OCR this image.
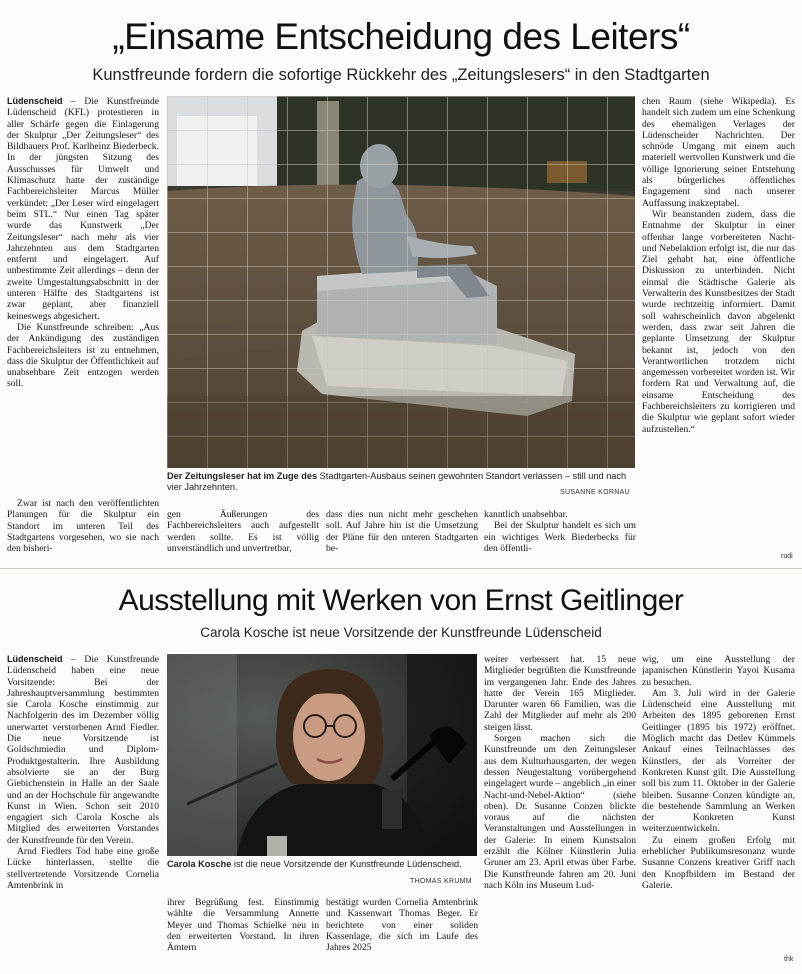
„Einsame Entscheidung des Leiters“
Kunstfreunde fordern die sofortige Rückkehr des „Zeitungslesers“ in den Stadtgarten

Lüdenscheid – Die Kunstfreunde Lüdenscheid (KFL) protestieren in aller Schärfe gegen die Einlagerung der Skulptur „Der Zeitungsleser“ des Bildhauers Prof. Karlheinz Biederbeck. In der jüngsten Sitzung des Ausschusses für Umwelt und Klimaschutz hatte der zuständige Fachbereichsleiter Marcus Müller verkündet: „Der Leser wird eingelagert beim STL.“ Nur einen Tag später wurde das Kunstwerk „Der Zeitungsleser“ nach mehr als vier Jahrzehnten aus dem Stadtgarten entfernt und eingelagert. Auf unbestimmte Zeit allerdings – denn der zweite Umgestaltungsabschnitt in der unteren Hälfte des Stadtgartens ist zwar geplant, aber finanziell keineswegs abgesichert.

Die Kunstfreunde schreiben: „Aus der Ankündigung des zuständigen Fachbereichsleiters ist zu entnehmen, dass die Skulptur der Öffentlichkeit auf unabsehbare Zeit entzogen werden soll.

Zwar ist nach den veröffentlichten Planungen für die Skulptur ein Standort im unteren Teil des Stadtgartens vorgesehen, wo sie nach den bisheri-

Der Zeitungsleser hat im Zuge des Stadtgarten-Ausbaus seinen gewohnten Standort verlassen – still und nach vier Jahrzehnten.
SUSANNE KORNAU

gen Äußerungen des Fachbereichsleiters auch aufgestellt werden sollte. Es ist völlig unverständlich und unvertretbar,

dass dies nun nicht mehr geschehen soll. Auf Jahre hin ist die Umsetzung der Pläne für den unteren Stadtgarten be-

kanntlich unabsehbar.

Bei der Skulptur handelt es sich um ein wichtiges Werk Biederbecks für den öffentli-

chen Raum (siehe Wikipedia). Es handelt sich zudem um eine Schenkung des ehemaligen Verlages der Lüdenscheider Nachrichten. Der schnöde Umgang mit einem auch materiell wertvollen Kunstwerk und die völlige Ignorierung seiner Entstehung als bürgerliches öffentliches Engagement sind nach unserer Auffassung inakzeptabel.

Wir beanstanden zudem, dass die Entnahme der Skulptur in einer offenbar lange vorbereiteten Nacht- und Nebelaktion erfolgt ist, die nur das Ziel gehabt hat, eine öffentliche Diskussion zu unterbinden. Nicht einmal die Städtische Galerie als Verwalterin des Kunstbesitzes der Stadt wurde rechtzeitig informiert. Damit soll wahrscheinlich davon abgelenkt werden, dass zwar seit Jahren die geplante Umsetzung der Skulptur bekannt ist, jedoch von den Verantwortlichen trotzdem nicht angemessen vorbereitet worden ist. Wir fordern Rat und Verwaltung auf, die einsame Entscheidung des Fachbereichsleiters zu korrigieren und die Skulptur wie geplant sofort wieder aufzustellen.“

rudi
Ausstellung mit Werken von Ernst Geitlinger
Carola Kosche ist neue Vorsitzende der Kunstfreunde Lüdenscheid

Lüdenscheid – Die Kunstfreunde Lüdenscheid haben eine neue Vorsitzende: Bei der Jahreshauptversammlung bestimmten sie Carola Kosche einstimmig zur Nachfolgerin des im Dezember völlig unerwartet verstorbenen Arnd Fiedler. Die neue Vorsitzende ist Goldschmiedin und Diplom-Produktgestalterin. Ihre Ausbildung absolvierte sie an der Burg Giebichenstein in Halle an der Saale und an der Hochschule für angewandte Kunst in Wien. Schon seit 2010 engagiert sich Carola Kosche als Mitglied des erweiterten Vorstandes der Kunstfreunde für den Verein.

Arnd Fiedlers Tod habe eine große Lücke hinterlassen, stellte die stellvertretende Vorsitzende Cornelia Amtenbrink in

Carola Kosche ist die neue Vorsitzende der Kunstfreunde Lüdenscheid.
THOMAS KRUMM

ihrer Begrüßung fest. Einstimmig wählte die Versammlung Annette Meyer und Thomas Schielke neu in den erweiterten Vorstand. In ihren Ämtern

bestätigt wurden Cornelia Amtenbrink und Kassenwart Thomas Beger. Er berichtete von einer soliden Kassenlage, die sich im Laufe des Jahres 2025

weiter verbessert hat. 15 neue Mitglieder begrüßten die Kunstfreunde im vergangenen Jahr. Ende des Jahres hatte der Verein 165 Mitglieder. Darunter waren 66 Familien, was die Zahl der Mitglieder auf mehr als 200 steigen lässt.

Sorgen machen sich die Kunstfreunde um den Zeitungsleser aus dem Kulturhausgarten, der wegen dessen Neugestaltung vorübergehend eingelagert wurde – angeblich „in einer Nacht-und-Nebel-Aktion“ (siehe oben). Dr. Susanne Conzen blickte voraus auf die nächsten Veranstaltungen und Ausstellungen in der Galerie: In einem Kunstsalon erzählt die Kölner Künstlerin Julia Gruner am 23. April etwas über Farbe. Die Kunstfreunde fahren am 20. Juni nach Köln ins Museum Lud-

wig, um eine Ausstellung der japanischen Künstlerin Yayoi Kusama zu besuchen.

Am 3. Juli wird in der Galerie Lüdenscheid eine Ausstellung mit Arbeiten des 1895 geborenen Ernst Geitlinger (1895 bis 1972) eröffnet. Möglich macht das Detlev Kümmels Ankauf eines Teilnachlasses des Künstlers, der als Vorreiter der Konkreten Kunst gilt. Die Ausstellung soll bis zum 11. Oktober in der Galerie bleiben. Susanne Conzen kündigte an, die bestehende Sammlung an Werken der Konkreten Kunst weiterzuentwickeln.

Zu einem großen Erfolg mit erheblicher Publikumsresonanz wurde Susanne Conzens kreativer Griff nach den Knopfbildern im Bestand der Galerie.

thk
